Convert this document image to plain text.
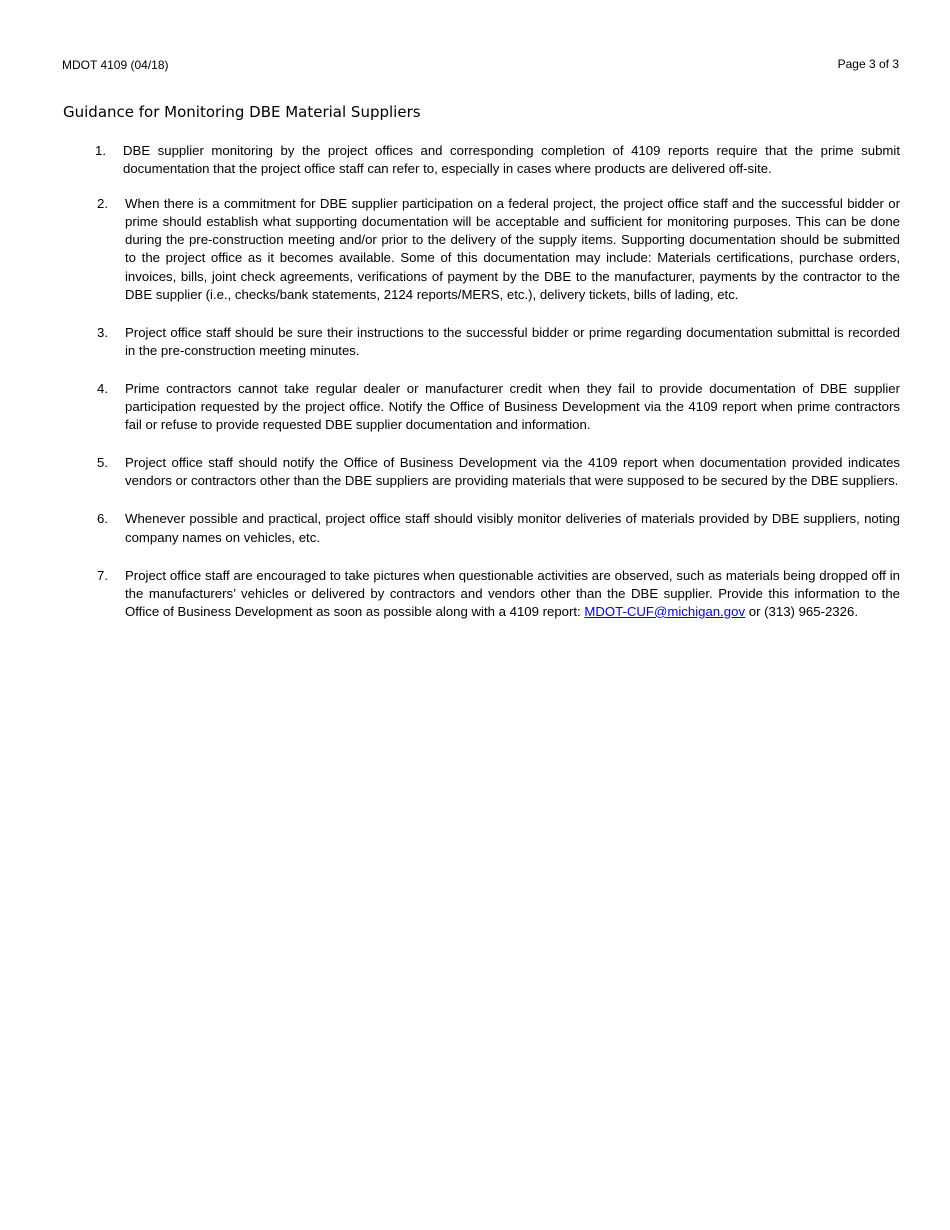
MDOT 4109 (04/18)	Page 3 of 3
Guidance for Monitoring DBE Material Suppliers
1. DBE supplier monitoring by the project offices and corresponding completion of 4109 reports require that the prime submit documentation that the project office staff can refer to, especially in cases where products are delivered off-site.
2. When there is a commitment for DBE supplier participation on a federal project, the project office staff and the successful bidder or prime should establish what supporting documentation will be acceptable and sufficient for monitoring purposes. This can be done during the pre-construction meeting and/or prior to the delivery of the supply items. Supporting documentation should be submitted to the project office as it becomes available. Some of this documentation may include: Materials certifications, purchase orders, invoices, bills, joint check agreements, verifications of payment by the DBE to the manufacturer, payments by the contractor to the DBE supplier (i.e., checks/bank statements, 2124 reports/MERS, etc.), delivery tickets, bills of lading, etc.
3. Project office staff should be sure their instructions to the successful bidder or prime regarding documentation submittal is recorded in the pre-construction meeting minutes.
4. Prime contractors cannot take regular dealer or manufacturer credit when they fail to provide documentation of DBE supplier participation requested by the project office. Notify the Office of Business Development via the 4109 report when prime contractors fail or refuse to provide requested DBE supplier documentation and information.
5. Project office staff should notify the Office of Business Development via the 4109 report when documentation provided indicates vendors or contractors other than the DBE suppliers are providing materials that were supposed to be secured by the DBE suppliers.
6. Whenever possible and practical, project office staff should visibly monitor deliveries of materials provided by DBE suppliers, noting company names on vehicles, etc.
7. Project office staff are encouraged to take pictures when questionable activities are observed, such as materials being dropped off in the manufacturers’ vehicles or delivered by contractors and vendors other than the DBE supplier. Provide this information to the Office of Business Development as soon as possible along with a 4109 report: MDOT-CUF@michigan.gov or (313) 965-2326.
